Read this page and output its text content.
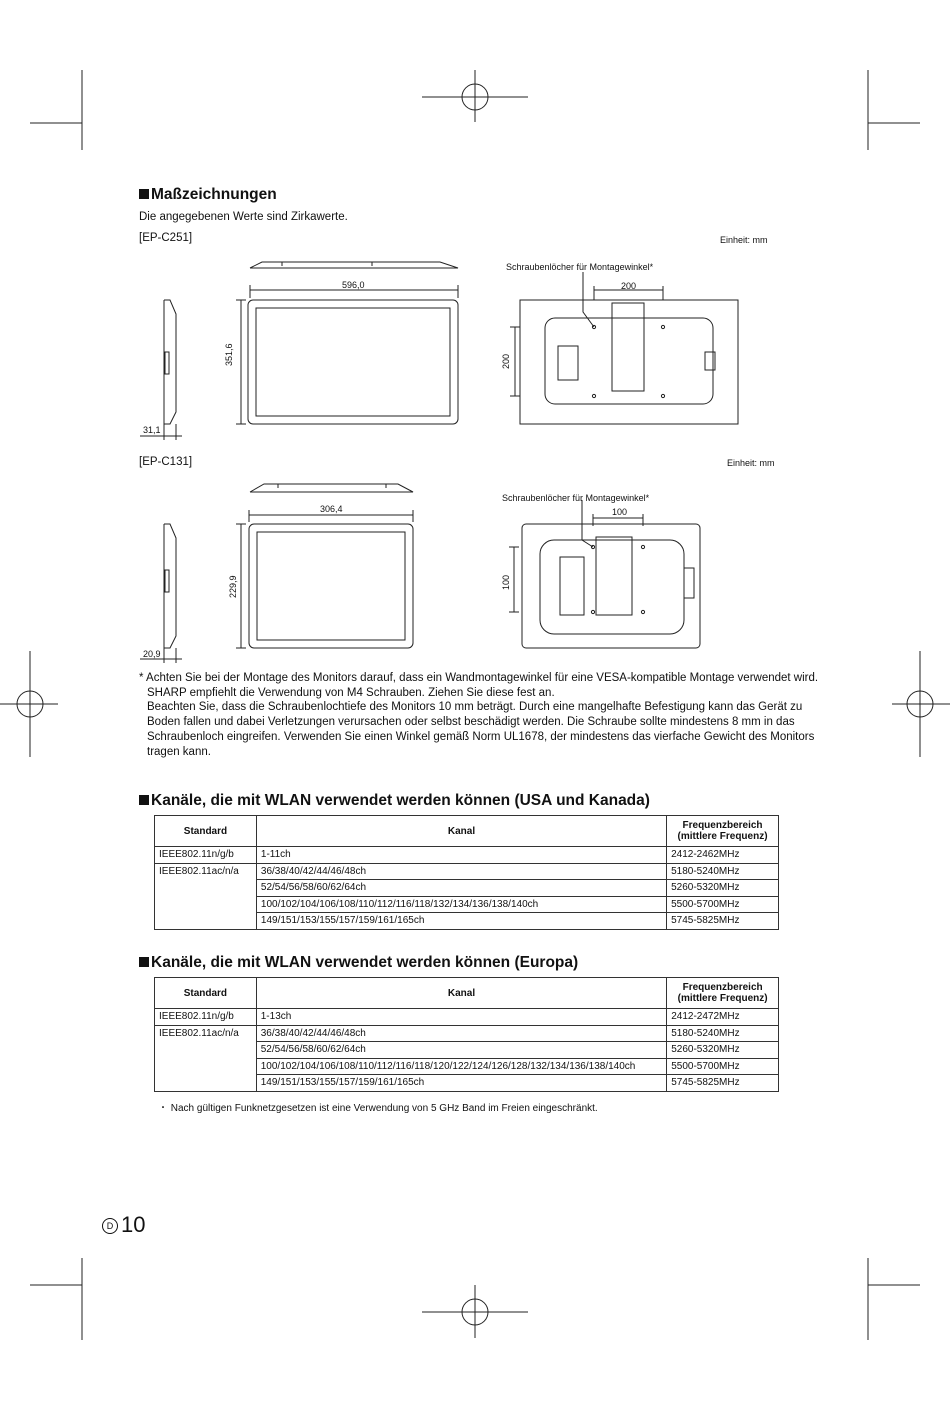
Maßzeichnungen
Die angegebenen Werte sind Zirkawerte.
[EP-C251]	Einheit: mm
596,0
351,6
31,1
Schraubenlöcher für Montagewinkel*
200
200
[EP-C131]	Einheit: mm
306,4
229,9
20,9
Schraubenlöcher für Montagewinkel*
100
100

* Achten Sie bei der Montage des Monitors darauf, dass ein Wandmontagewinkel für eine VESA-kompatible Montage verwendet wird.

SHARP empfiehlt die Verwendung von M4 Schrauben. Ziehen Sie diese fest an.

Beachten Sie, dass die Schraubenlochtiefe des Monitors 10 mm beträgt. Durch eine mangelhafte Befestigung kann das Gerät zu Boden fallen und dabei Verletzungen verursachen oder selbst beschädigt werden. Die Schraube sollte mindestens 8 mm in das Schraubenloch eingreifen. Verwenden Sie einen Winkel gemäß Norm UL1678, der mindestens das vierfache Gewicht des Monitors tragen kann.

Kanäle, die mit WLAN verwendet werden können (USA und Kanada)
Standard	Kanal	Frequenzbereich
(mittlere Frequenz)
IEEE802.11n/g/b	1-11ch	2412-2462MHz
IEEE802.11ac/n/a	36/38/40/42/44/46/48ch	5180-5240MHz
	52/54/56/58/60/62/64ch	5260-5320MHz
	100/102/104/106/108/110/112/116/118/132/134/136/138/140ch	5500-5700MHz
	149/151/153/155/157/159/161/165ch	5745-5825MHz
Kanäle, die mit WLAN verwendet werden können (Europa)
Standard	Kanal	Frequenzbereich
(mittlere Frequenz)
IEEE802.11n/g/b	1-13ch	2412-2472MHz
IEEE802.11ac/n/a	36/38/40/42/44/46/48ch	5180-5240MHz
	52/54/56/58/60/62/64ch	5260-5320MHz
	100/102/104/106/108/110/112/116/118/120/122/124/126/128/132/134/136/138/140ch	5500-5700MHz
	149/151/153/155/157/159/161/165ch	5745-5825MHz
・ Nach gültigen Funknetzgesetzen ist eine Verwendung von 5 GHz Band im Freien eingeschränkt.
D 10
